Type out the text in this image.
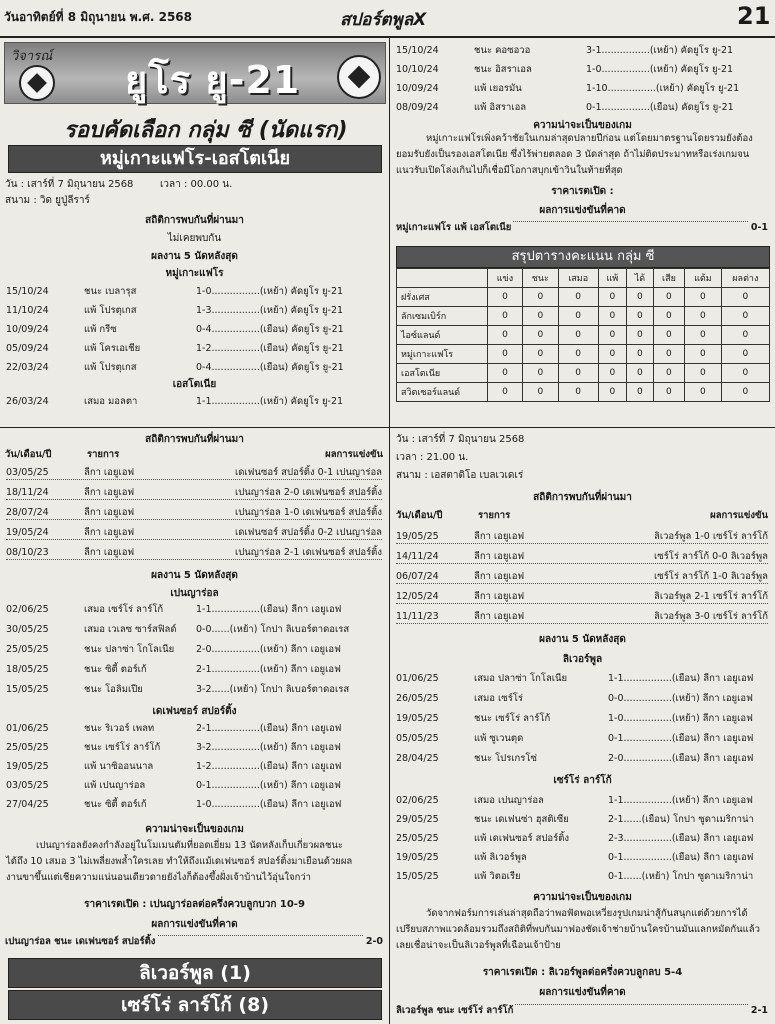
วันอาทิตย์ที่ 8 มิถุนายน พ.ศ. 2568	สปอร์ตพูลX	21
วิจารณ์
ยูโร ยู-21
รอบคัดเลือก กลุ่ม ซี (นัดแรก)
หมู่เกาะแฟโร-เอสโตเนีย
วัน : เสาร์ที่ 7 มิถุนายน 2568	เวลา : 00.00 น.
สนาม : วิด ยูปู่ลีราร์
สถิติการพบกันที่ผ่านมา
ไม่เคยพบกัน
ผลงาน 5 นัดหลังสุด
หมู่เกาะแฟโร
15/10/24	ชนะ เบลารุส	1-0................(เหย้า) คัดยูโร ยู-21
11/10/24	แพ้ โปรตุเกส	1-3................(เหย้า) คัดยูโร ยู-21
10/09/24	แพ้ กรีซ	0-4................(เยือน) คัดยูโร ยู-21
05/09/24	แพ้ โครเอเชีย	1-2................(เยือน) คัดยูโร ยู-21
22/03/24	แพ้ โปรตุเกส	0-4................(เยือน) คัดยูโร ยู-21
เอสโตเนีย
26/03/24	เสมอ มอลตา	1-1................(เหย้า) คัดยูโร ยู-21
15/10/24	ชนะ คอซอวอ	3-1................(เหย้า) คัดยูโร ยู-21
10/10/24	ชนะ อิสราเอล	1-0................(เหย้า) คัดยูโร ยู-21
10/09/24	แพ้ เยอรมัน	1-10................(เหย้า) คัดยูโร ยู-21
08/09/24	แพ้ อิสราเอล	0-1................(เยือน) คัดยูโร ยู-21
ความน่าจะเป็นของเกม
หมู่เกาะแฟโรเพิ่งคว้าชัยในเกมล่าสุดปลายปีก่อน แต่โดยมาตรฐานโดยรวมยังต้อง
ยอมรับยังเป็นรองเอสโตเนีย ซึ่งไร้พ่ายตลอด 3 นัดล่าสุด ถ้าไม่ติดประมาทหรือเร่งเกมจน
แนวรับเปิดโล่งเกินไปก็เชื่อมีโอกาสบุกเข้าวินในท้ายที่สุด
ราคาเรตเปิด :
ผลการแข่งขันที่คาด
หมู่เกาะแฟโร แพ้ เอสโตเนีย	0-1
สรุปตารางคะแนน กลุ่ม ซี
	แข่ง	ชนะ	เสมอ	แพ้	ได้	เสีย	แต้ม	ผลต่าง
ฝรั่งเศส	0	0	0	0	0	0	0	0
ลักเซมเบิร์ก	0	0	0	0	0	0	0	0
ไอซ์แลนด์	0	0	0	0	0	0	0	0
หมู่เกาะแฟโร	0	0	0	0	0	0	0	0
เอสโตเนีย	0	0	0	0	0	0	0	0
สวิตเซอร์แลนด์	0	0	0	0	0	0	0	0
สถิติการพบกันที่ผ่านมา
วัน/เดือน/ปี	รายการ	ผลการแข่งขัน
03/05/25	ลีกา เอยูเอฟ	เดเฟนซอร์ สปอร์ติ้ง 0-1 เปนญาร่อล
18/11/24	ลีกา เอยูเอฟ	เปนญาร่อล 2-0 เดเฟนซอร์ สปอร์ติ้ง
28/07/24	ลีกา เอยูเอฟ	เปนญาร่อล 1-0 เดเฟนซอร์ สปอร์ติ้ง
19/05/24	ลีกา เอยูเอฟ	เดเฟนซอร์ สปอร์ติ้ง 0-2 เปนญาร่อล
08/10/23	ลีกา เอยูเอฟ	เปนญาร่อล 2-1 เดเฟนซอร์ สปอร์ติ้ง
ผลงาน 5 นัดหลังสุด
เปนญาร่อล
02/06/25	เสมอ เซร์โร่ ลาร์โก้	1-1................(เยือน) ลีกา เอยูเอฟ
30/05/25	เสมอ เวเลซ ซาร์สฟิลด์ 0-0......(เหย้า) โกปา ลิเบอร์ตาดอเรส
25/05/25	ชนะ ปลาซ่า โกโลเนีย 2-0................(เหย้า) ลีกา เอยูเอฟ
18/05/25	ชนะ ซิตี้ ตอร์เก้	2-1................(เหย้า) ลีกา เอยูเอฟ
15/05/25	ชนะ โอลิมเปีย	3-2......(เหย้า) โกปา ลิเบอร์ตาดอเรส
เดเฟนซอร์ สปอร์ติ้ง
01/06/25	ชนะ ริเวอร์ เพลท	2-1................(เยือน) ลีกา เอยูเอฟ
25/05/25	ชนะ เซร์โร่ ลาร์โก้	3-2................(เหย้า) ลีกา เอยูเอฟ
19/05/25	แพ้ นาซิออนนาล	1-2................(เยือน) ลีกา เอยูเอฟ
03/05/25	แพ้ เปนญาร่อล	0-1................(เหย้า) ลีกา เอยูเอฟ
27/04/25	ชนะ ซิตี้ ตอร์เก้	1-0................(เยือน) ลีกา เอยูเอฟ
ความน่าจะเป็นของเกม
เปนญาร่อลยังคงกำลังอยู่ในโมเมนตัมที่ยอดเยี่ยม 13 นัดหลังเก็บเกี่ยวผลชนะ
ได้ถึง 10 เสมอ 3 ไม่เพลี่ยงพล้ำใครเลย ทำให้ถึงแม้เดเฟนซอร์ สปอร์ติ้งมาเยือนด้วยผล
งานขาขึ้นแต่เชียความแน่นอนเดียวดายยังไงก็ต้องขึ้งฝั่งเจ้าบ้านไว้อุ่นใจกว่า
ราคาเรตเปิด : เปนญาร่อลต่อครึ่งควบลูกบวก 10-9
ผลการแข่งขันที่คาด
เปนญาร่อล ชนะ เดเฟนซอร์ สปอร์ติ้ง	2-0
ลิเวอร์พูล (1)
เซร์โร่ ลาร์โก้ (8)
วัน : เสาร์ที่ 7 มิถุนายน 2568
เวลา : 21.00 น.
สนาม : เอสตาดิโอ เบลเวเดเร่
สถิติการพบกันที่ผ่านมา
วัน/เดือน/ปี	รายการ	ผลการแข่งขัน
19/05/25	ลีกา เอยูเอฟ	ลิเวอร์พูล 1-0 เซร์โร่ ลาร์โก้
14/11/24	ลีกา เอยูเอฟ	เซร์โร่ ลาร์โก้ 0-0 ลิเวอร์พูล
06/07/24	ลีกา เอยูเอฟ	เซร์โร่ ลาร์โก้ 1-0 ลิเวอร์พูล
12/05/24	ลีกา เอยูเอฟ	ลิเวอร์พูล 2-1 เซร์โร่ ลาร์โก้
11/11/23	ลีกา เอยูเอฟ	ลิเวอร์พูล 3-0 เซร์โร่ ลาร์โก้
ผลงาน 5 นัดหลังสุด
ลิเวอร์พูล
01/06/25	เสมอ ปลาซ่า โกโลเนีย	1-1................(เยือน) ลีกา เอยูเอฟ
26/05/25	เสมอ เซร์โร่	0-0................(เหย้า) ลีกา เอยูเอฟ
19/05/25	ชนะ เซร์โร่ ลาร์โก้	1-0................(เหย้า) ลีกา เอยูเอฟ
05/05/25	แพ้ ซูเวนตุด	0-1................(เยือน) ลีกา เอยูเอฟ
28/04/25	ชนะ โปรเกรโซ่	2-0................(เยือน) ลีกา เอยูเอฟ
เซร์โร่ ลาร์โก้
02/06/25	เสมอ เปนญาร่อล	1-1................(เหย้า) ลีกา เอยูเอฟ
29/05/25	ชนะ เดเฟนซ่า ฮุสติเซีย	2-1......(เยือน) โกปา ซูดาเมริกาน่า
25/05/25	แพ้ เดเฟนซอร์ สปอร์ติ้ง	2-3................(เยือน) ลีกา เอยูเอฟ
19/05/25	แพ้ ลิเวอร์พูล	0-1................(เยือน) ลีกา เอยูเอฟ
15/05/25	แพ้ วิตอเรีย	0-1......(เหย้า) โกปา ซูดาเมริกาน่า
ความน่าจะเป็นของเกม
วัดจากฟอร์มการเล่นล่าสุดถือว่าพอฟัดพอเหวี่ยงรูปเกมน่าสู้กันสนุกแต่ด้วยการได้
เปรียบสภาพแวดล้อมรวมถึงสถิติที่พบกันมาฟองชัดเจ้าช่ายบ้านใครบ้านมันแลกหมัดกันแล้ว
เลยเชื่อน่าจะเป็นลิเวอร์พูลที่เฉือนเจ้าป้าย
ราคาเรตเปิด : ลิเวอร์พูลต่อครึ่งควบลูกลบ 5-4
ผลการแข่งขันที่คาด
ลิเวอร์พูล ชนะ เซร์โร่ ลาร์โก้	2-1
